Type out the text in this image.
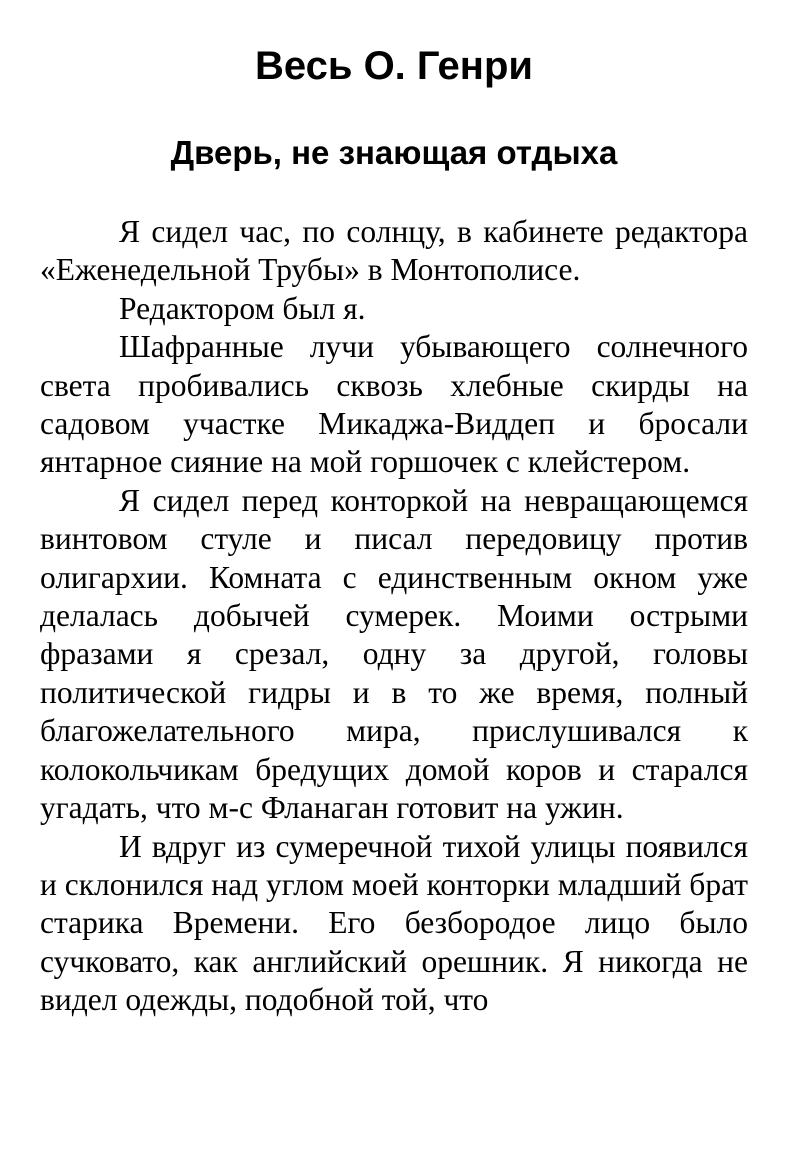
Весь О. Генри
Дверь, не знающая отдыха

Я сидел час, по солнцу, в кабинете редактора «Еженедельной Трубы» в Монтополисе.

Редактором был я.

Шафранные лучи убывающего солнечного света пробивались сквозь хлебные скирды на садовом участке Микаджа-Виддеп и бросали янтарное сияние на мой горшочек с клейстером.

Я сидел перед конторкой на невращающемся винтовом стуле и писал передовицу против олигархии. Комната с единственным окном уже делалась добычей сумерек. Моими острыми фразами я срезал, одну за другой, головы политической гидры и в то же время, полный благожелательного мира, прислушивался к колокольчикам бредущих домой коров и старался угадать, что м-с Фланаган готовит на ужин.

И вдруг из сумеречной тихой улицы появился и склонился над углом моей конторки младший брат старика Времени. Его безбородое лицо было сучковато, как английский орешник. Я никогда не видел одежды, подобной той, что
